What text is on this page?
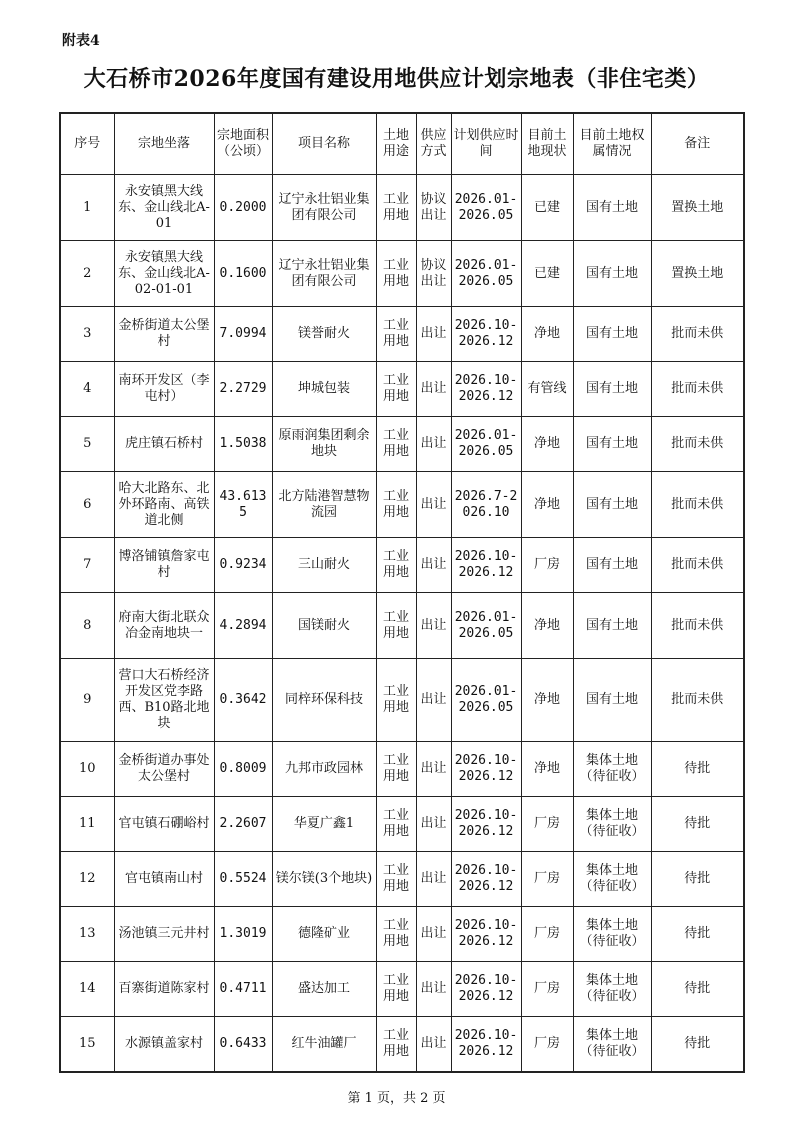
附表4
大石桥市2026年度国有建设用地供应计划宗地表（非住宅类）
序号	宗地坐落	宗地面积（公顷）	项目名称	土地用途	供应方式	计划供应时间	目前土地现状	目前土地权属情况	备注
1	永安镇黑大线东、金山线北A-01	0.2000	辽宁永壮铝业集团有限公司	工业用地	协议出让	2026.01-2026.05	已建	国有土地	置换土地
2	永安镇黑大线东、金山线北A-02-01-01	0.1600	辽宁永壮铝业集团有限公司	工业用地	协议出让	2026.01-2026.05	已建	国有土地	置换土地
3	金桥街道太公堡村	7.0994	镁誉耐火	工业用地	出让	2026.10-2026.12	净地	国有土地	批而未供
4	南环开发区（李屯村）	2.2729	坤城包装	工业用地	出让	2026.10-2026.12	有管线	国有土地	批而未供
5	虎庄镇石桥村	1.5038	原雨润集团剩余地块	工业用地	出让	2026.01-2026.05	净地	国有土地	批而未供
6	哈大北路东、北外环路南、高铁道北侧	43.6135	北方陆港智慧物流园	工业用地	出让	2026.7-2026.10	净地	国有土地	批而未供
7	博洛铺镇詹家屯村	0.9234	三山耐火	工业用地	出让	2026.10-2026.12	厂房	国有土地	批而未供
8	府南大街北联众冶金南地块一	4.2894	国镁耐火	工业用地	出让	2026.01-2026.05	净地	国有土地	批而未供
9	营口大石桥经济开发区党李路西、B10路北地块	0.3642	同梓环保科技	工业用地	出让	2026.01-2026.05	净地	国有土地	批而未供
10	金桥街道办事处太公堡村	0.8009	九邦市政园林	工业用地	出让	2026.10-2026.12	净地	集体土地（待征收）	待批
11	官屯镇石硼峪村	2.2607	华夏广鑫1	工业用地	出让	2026.10-2026.12	厂房	集体土地（待征收）	待批
12	官屯镇南山村	0.5524	镁尔镁(3个地块)	工业用地	出让	2026.10-2026.12	厂房	集体土地（待征收）	待批
13	汤池镇三元井村	1.3019	德隆矿业	工业用地	出让	2026.10-2026.12	厂房	集体土地（待征收）	待批
14	百寨街道陈家村	0.4711	盛达加工	工业用地	出让	2026.10-2026.12	厂房	集体土地（待征收）	待批
15	水源镇盖家村	0.6433	红牛油罐厂	工业用地	出让	2026.10-2026.12	厂房	集体土地（待征收）	待批
第 1 页，共 2 页
